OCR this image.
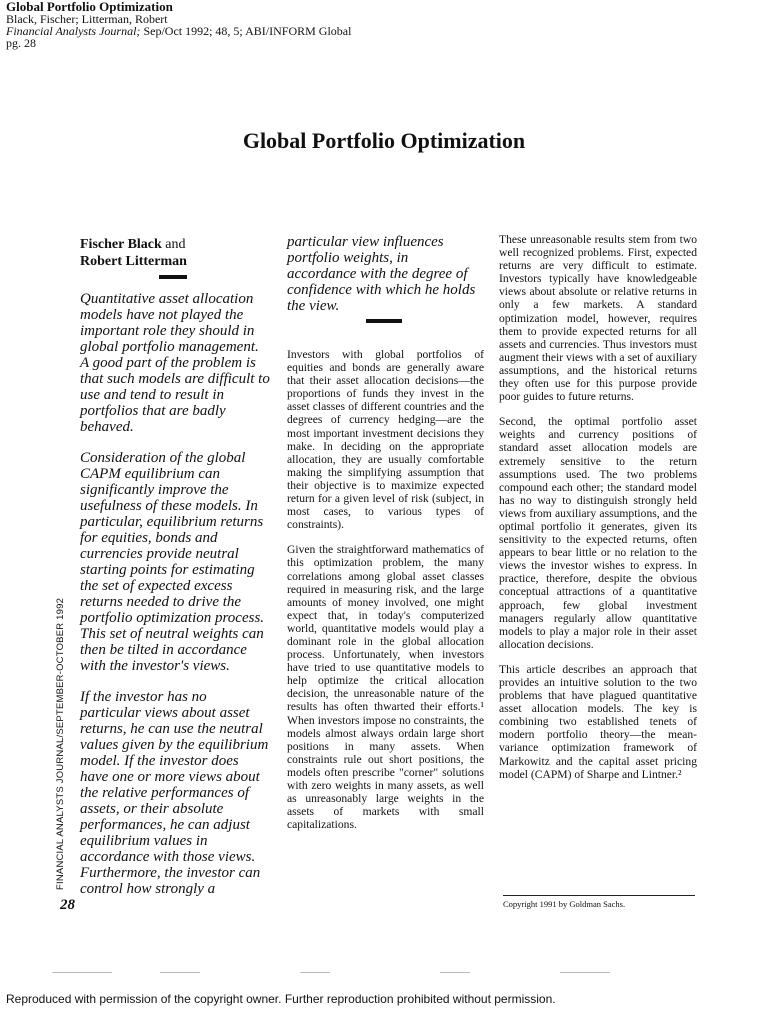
Global Portfolio Optimization
Black, Fischer; Litterman, Robert
Financial Analysts Journal; Sep/Oct 1992; 48, 5; ABI/INFORM Global
pg. 28
Global Portfolio Optimization
Fischer Black and
Robert Litterman

Quantitative asset allocation models have not played the important role they should in global portfolio management. A good part of the problem is that such models are difficult to use and tend to result in portfolios that are badly behaved.

Consideration of the global CAPM equilibrium can significantly improve the usefulness of these models. In particular, equilibrium returns for equities, bonds and currencies provide neutral starting points for estimating the set of expected excess returns needed to drive the portfolio optimization process. This set of neutral weights can then be tilted in accordance with the investor's views.

If the investor has no particular views about asset returns, he can use the neutral values given by the equilibrium model. If the investor does have one or more views about the relative performances of assets, or their absolute performances, he can adjust equilibrium values in accordance with those views. Furthermore, the investor can control how strongly a

particular view influences portfolio weights, in accordance with the degree of confidence with which he holds the view.

Investors with global portfolios of equities and bonds are generally aware that their asset allocation decisions—the proportions of funds they invest in the asset classes of different countries and the degrees of currency hedging—are the most important investment decisions they make. In deciding on the appropriate allocation, they are usually comfortable making the simplifying assumption that their objective is to maximize expected return for a given level of risk (subject, in most cases, to various types of constraints).

Given the straightforward mathematics of this optimization problem, the many correlations among global asset classes required in measuring risk, and the large amounts of money involved, one might expect that, in today's computerized world, quantitative models would play a dominant role in the global allocation process. Unfortunately, when investors have tried to use quantitative models to help optimize the critical allocation decision, the unreasonable nature of the results has often thwarted their efforts.¹ When investors impose no constraints, the models almost always ordain large short positions in many assets. When constraints rule out short positions, the models often prescribe "corner" solutions with zero weights in many assets, as well as unreasonably large weights in the assets of markets with small capitalizations.

These unreasonable results stem from two well recognized problems. First, expected returns are very difficult to estimate. Investors typically have knowledgeable views about absolute or relative returns in only a few markets. A standard optimization model, however, requires them to provide expected returns for all assets and currencies. Thus investors must augment their views with a set of auxiliary assumptions, and the historical returns they often use for this purpose provide poor guides to future returns.

Second, the optimal portfolio asset weights and currency positions of standard asset allocation models are extremely sensitive to the return assumptions used. The two problems compound each other; the standard model has no way to distinguish strongly held views from auxiliary assumptions, and the optimal portfolio it generates, given its sensitivity to the expected returns, often appears to bear little or no relation to the views the investor wishes to express. In practice, therefore, despite the obvious conceptual attractions of a quantitative approach, few global investment managers regularly allow quantitative models to play a major role in their asset allocation decisions.

This article describes an approach that provides an intuitive solution to the two problems that have plagued quantitative asset allocation models. The key is combining two established tenets of modern portfolio theory—the mean-variance optimization framework of Markowitz and the capital asset pricing model (CAPM) of Sharpe and Lintner.²

Copyright 1991 by Goldman Sachs.
FINANCIAL ANALYSTS JOURNAL/SEPTEMBER-OCTOBER 1992
28
Reproduced with permission of the copyright owner. Further reproduction prohibited without permission.
